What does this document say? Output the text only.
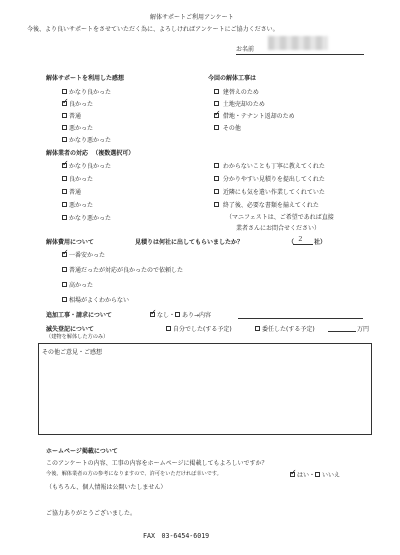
解体サポートご利用アンケート
今後、より良いサポートをさせていただく為に、よろしければアンケートにご協力ください。
お名前
解体サポートを利用した感想
かなり良かった
✓ 良かった
普通
悪かった
かなり悪かった
今回の解体工事は

建替えのため

土地売却のため
✓
借地・テナント返却のため

その他
解体業者の対応 （複数選択可）
✓ かなり良かった
良かった
普通
悪かった
かなり悪かった

わからないことも丁寧に教えてくれた

分かりやすい見積りを提出してくれた

近隣にも気を遣い作業してくれていた

終了後、必要な書類を揃えてくれた
（マニフェストは、ご希望であれば直接
業者さんにお問合せください）
解体費用について	見積りは何社に出してもらいましたか？	（ ２ 社）
✓ 一番安かった
普通だったが対応が良かったので依頼した
高かった
相場がよくわからない
追加工事・請求について	✓ なし ・ あり→内容
滅失登記について
（建物を解体した方のみ）
自分でした(する予定)	委任した(する予定)	万円
その他ご意見・ご感想
ホームページ掲載について
このアンケートの内容、工事の内容をホームページに掲載してもよろしいですか？
今後、解体業者の方の参考になりますので、許可をいただければ幸いです。	✓ はい ・ いいえ
（もちろん、個人情報は公開いたしません）
ご協力ありがとうございました。
FAX　03-6454-6019
